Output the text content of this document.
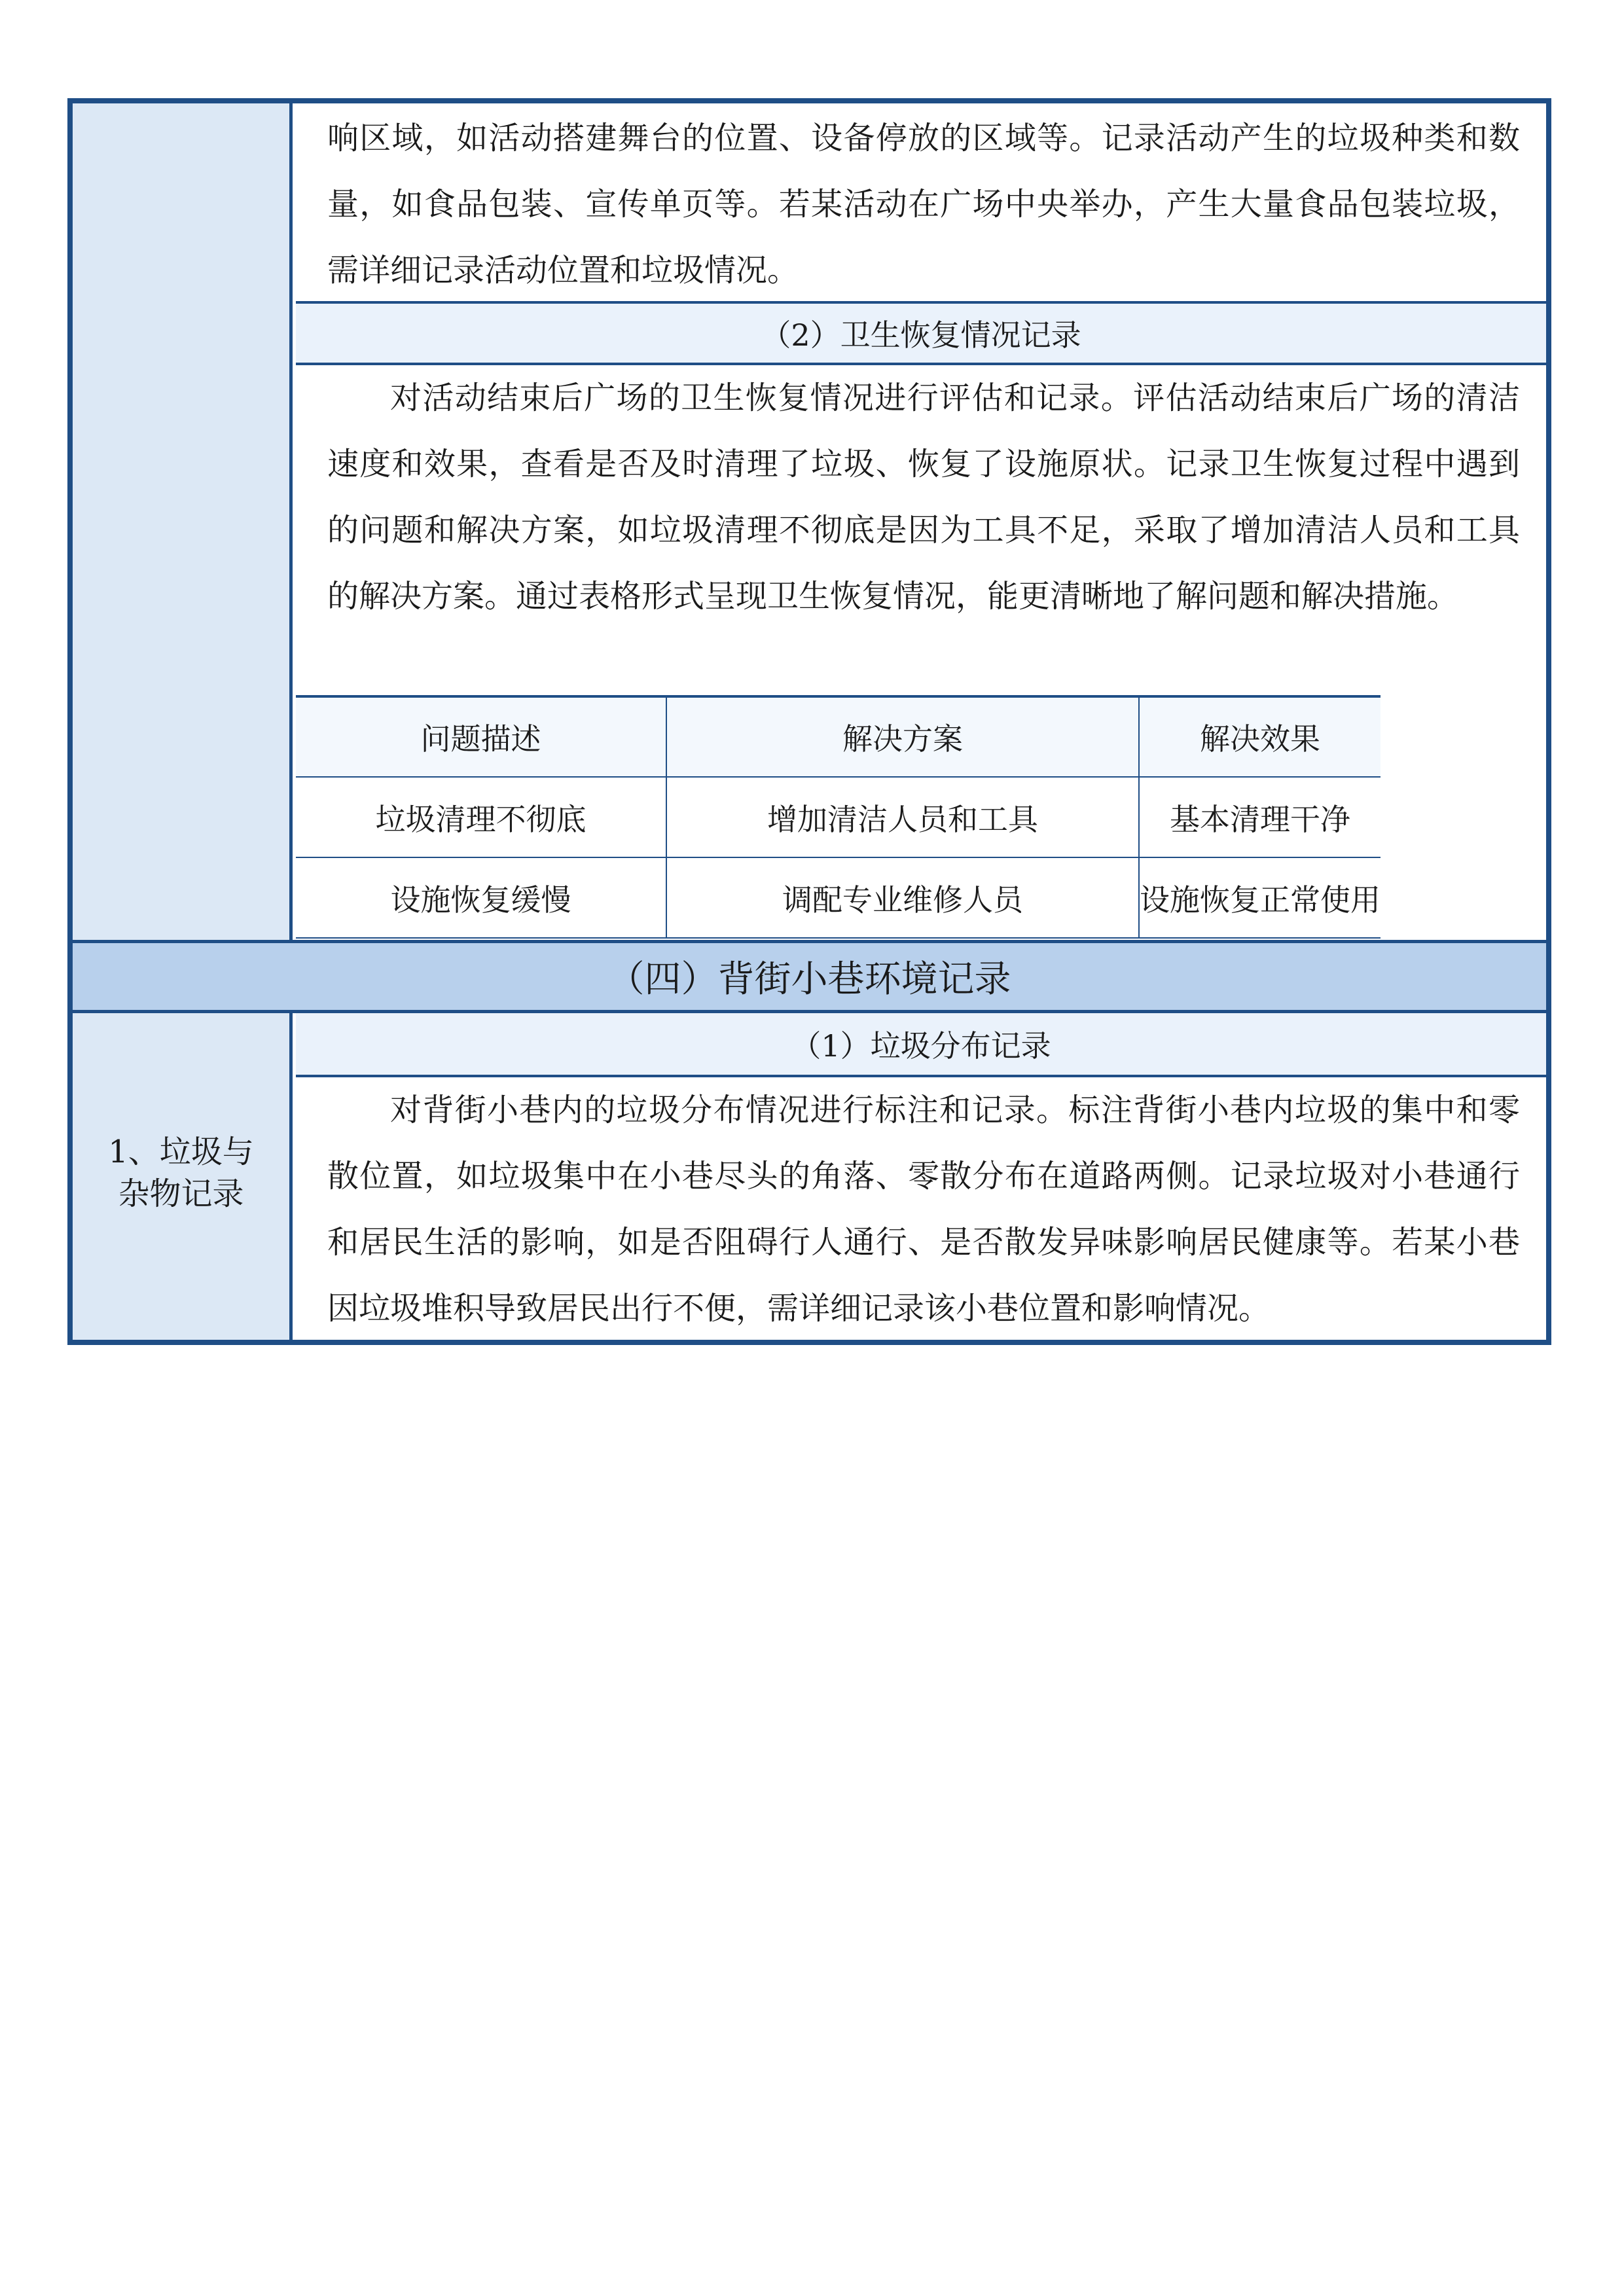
响区域，如活动搭建舞台的位置、设备停放的区域等。记录活动产生的垃圾种类和数量，如食品包装、宣传单页等。若某活动在广场中央举办，产生大量食品包装垃圾，需详细记录活动位置和垃圾情况。

（2）卫生恢复情况记录

对活动结束后广场的卫生恢复情况进行评估和记录。评估活动结束后广场的清洁速度和效果，查看是否及时清理了垃圾、恢复了设施原状。记录卫生恢复过程中遇到的问题和解决方案，如垃圾清理不彻底是因为工具不足，采取了增加清洁人员和工具的解决方案。通过表格形式呈现卫生恢复情况，能更清晰地了解问题和解决措施。

问题描述	解决方案	解决效果
垃圾清理不彻底	增加清洁人员和工具	基本清理干净
设施恢复缓慢	调配专业维修人员	设施恢复正常使用
（四）背街小巷环境记录
1、垃圾与
杂物记录
（1）垃圾分布记录

对背街小巷内的垃圾分布情况进行标注和记录。标注背街小巷内垃圾的集中和零散位置，如垃圾集中在小巷尽头的角落、零散分布在道路两侧。记录垃圾对小巷通行和居民生活的影响，如是否阻碍行人通行、是否散发异味影响居民健康等。若某小巷因垃圾堆积导致居民出行不便，需详细记录该小巷位置和影响情况。
